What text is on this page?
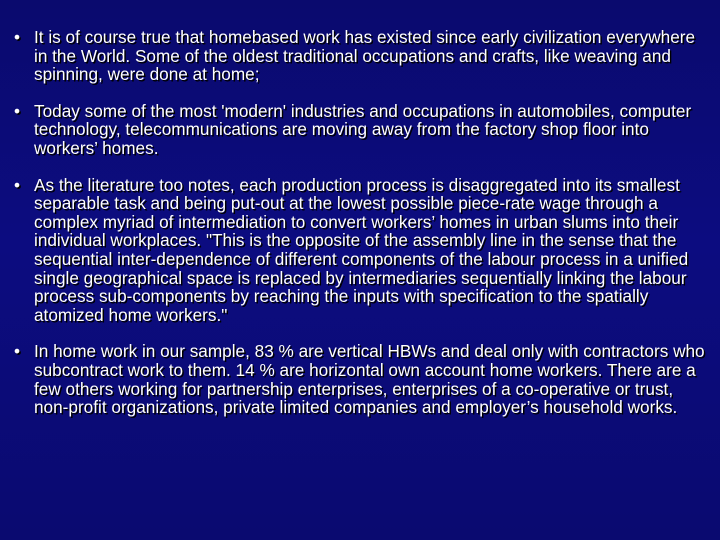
• It is of course true that homebased work has existed since early civilization everywhere in the World. Some of the oldest traditional occupations and crafts, like weaving and spinning, were done at home;
• Today some of the most 'modern' industries and occupations in automobiles, computer technology, telecommunications are moving away from the factory shop floor into workers’ homes.
• As the literature too notes, each production process is disaggregated into its smallest separable task and being put-out at the lowest possible piece-rate wage through a complex myriad of intermediation to convert workers’ homes in urban slums into their individual workplaces. "This is the opposite of the assembly line in the sense that the sequential inter-dependence of different components of the labour process in a unified single geographical space is replaced by intermediaries sequentially linking the labour process sub-components by reaching the inputs with specification to the spatially atomized home workers."
• In home work in our sample, 83 % are vertical HBWs and deal only with contractors who subcontract work to them. 14 % are horizontal own account home workers. There are a few others working for partnership enterprises, enterprises of a co-operative or trust, non-profit organizations, private limited companies and employer’s household works.
